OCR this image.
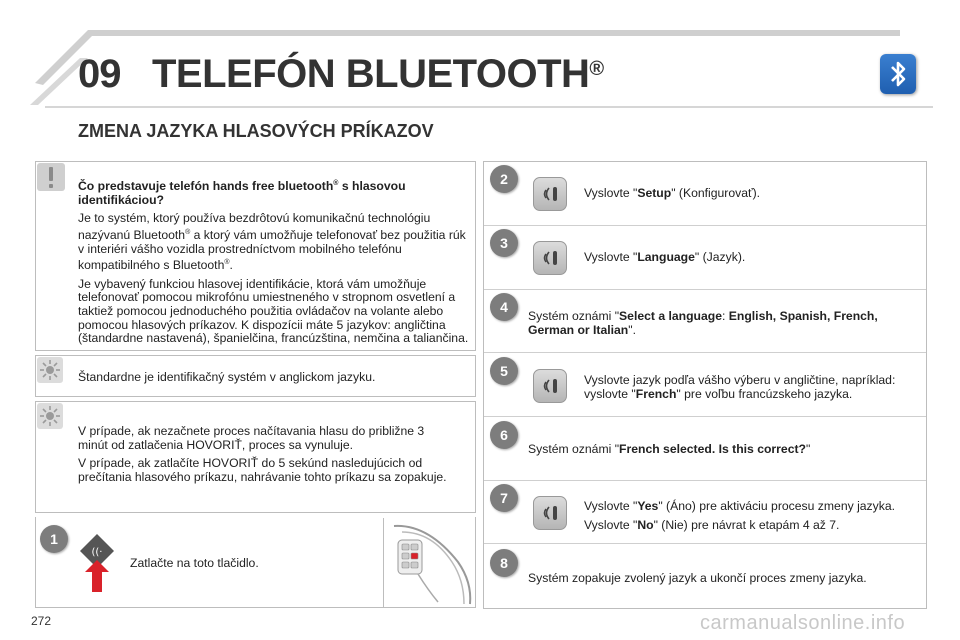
09 TELEFÓN BLUETOOTH®
ZMENA JAZYKA HLASOVÝCH PRÍKAZOV
Čo predstavuje telefón hands free bluetooth® s hlasovou identifikáciou?
Je to systém, ktorý používa bezdrôtovú komunikačnú technológiu nazývanú Bluetooth® a ktorý vám umožňuje telefonovať bez použitia rúk v interiéri vášho vozidla prostredníctvom mobilného telefónu kompatibilného s Bluetooth®.
Je vybavený funkciou hlasovej identifikácie, ktorá vám umožňuje telefonovať pomocou mikrofónu umiestneného v stropnom osvetlení a taktiež pomocou jednoduchého použitia ovládačov na volante alebo pomocou hlasových príkazov. K dispozícii máte 5 jazykov: angličtina (štandardne nastavená), španielčina, francúzština, nemčina a taliančina.
Štandardne je identifikačný systém v anglickom jazyku.
V prípade, ak nezačnete proces načítavania hlasu do približne 3 minút od zatlačenia HOVORIŤ, proces sa vynuluje.
V prípade, ak zatlačíte HOVORIŤ do 5 sekúnd nasledujúcich od prečítania hlasového príkazu, nahrávanie tohto príkazu sa zopakuje.
1
((·
Zatlačte na toto tlačidlo.
2
Vyslovte "Setup" (Konfigurovať).
3
Vyslovte "Language" (Jazyk).
4
Systém oznámi "Select a language: English, Spanish, French, German or Italian".
5
Vyslovte jazyk podľa vášho výberu v angličtine, napríklad: vyslovte "French" pre voľbu francúzskeho jazyka.
6
Systém oznámi "French selected. Is this correct?"
7	Vyslovte "Yes" (Áno) pre aktiváciu procesu zmeny jazyka.
Vyslovte "No" (Nie) pre návrat k etapám 4 až 7.
8
Systém zopakuje zvolený jazyk a ukončí proces zmeny jazyka.
272	carmanualsonline.info
